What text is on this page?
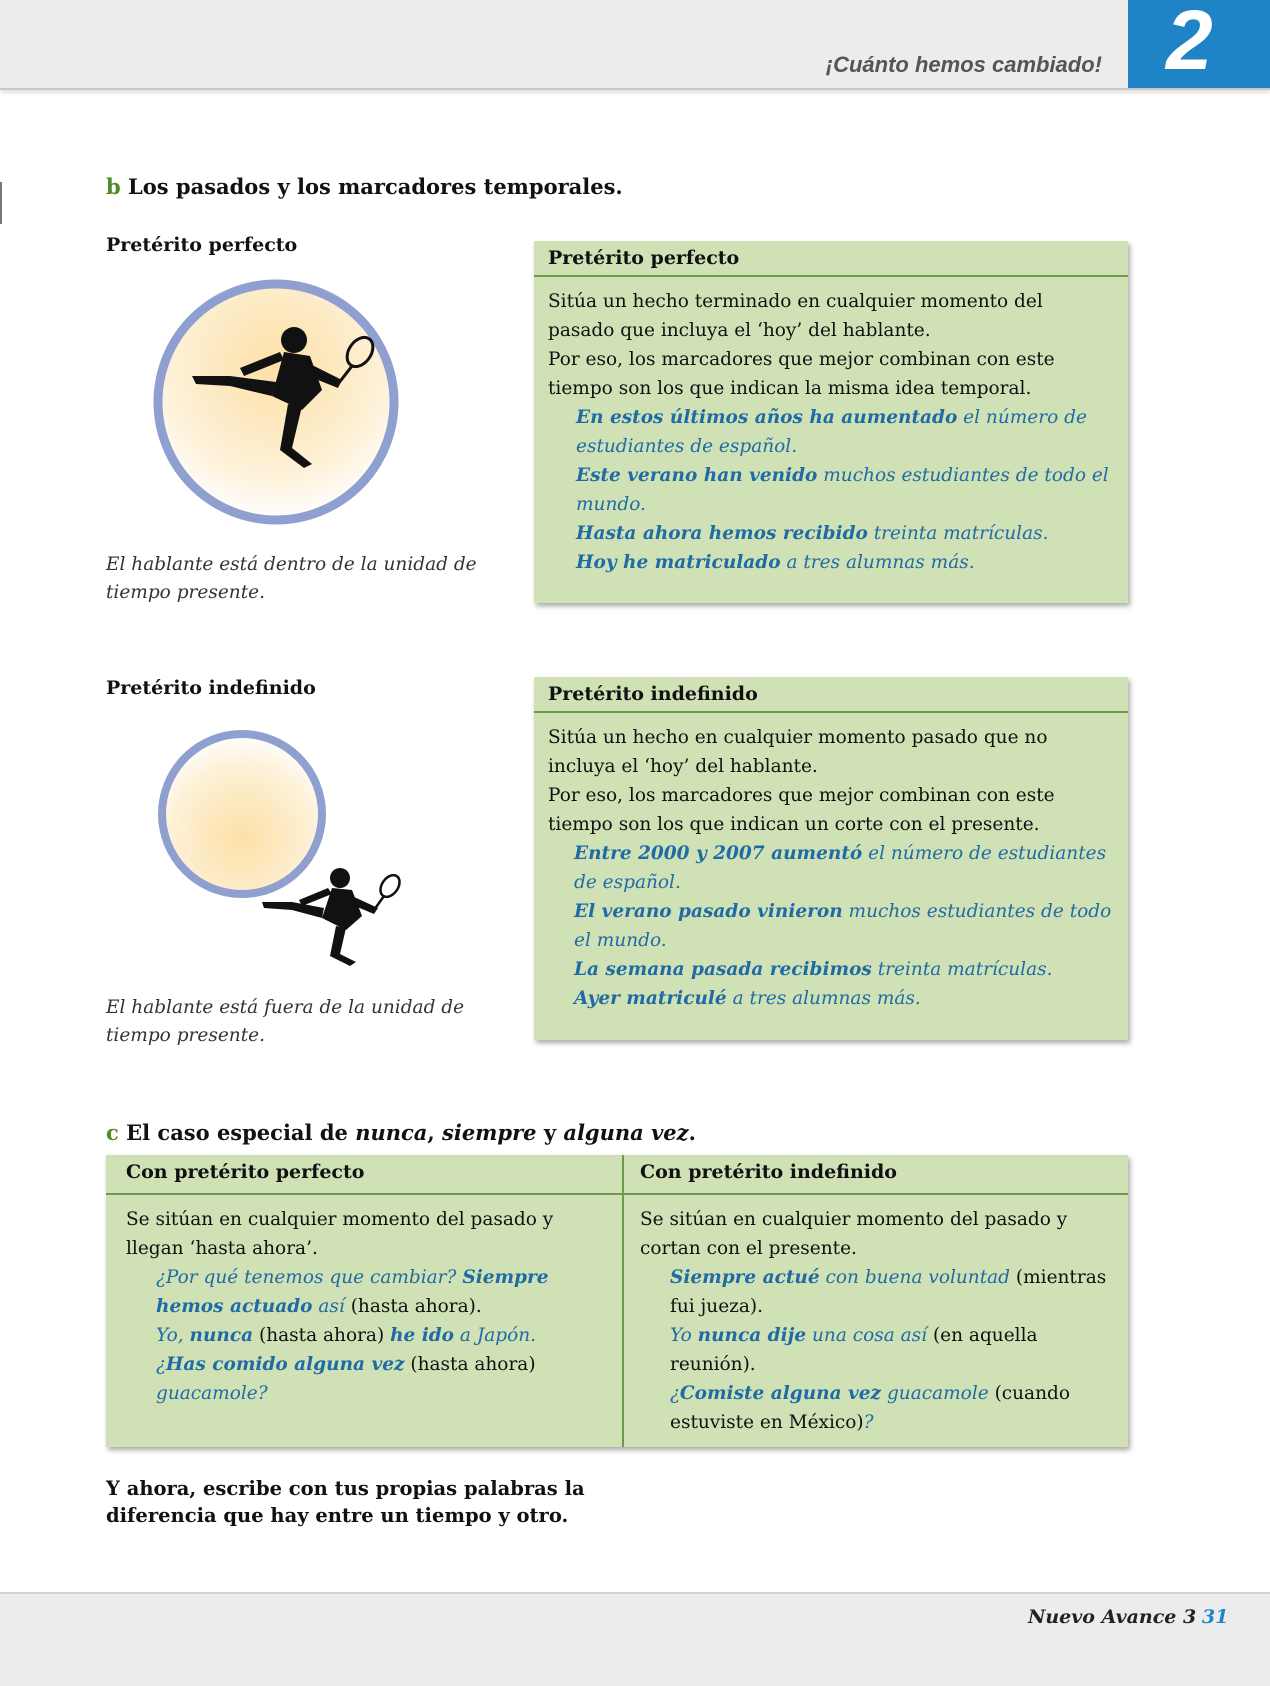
¡Cuánto hemos cambiado! 2
b Los pasados y los marcadores temporales.
Pretérito perfecto

El hablante está dentro de la unidad de tiempo presente.

Pretérito perfecto

Sitúa un hecho terminado en cualquier momento del pasado que incluya el ‘hoy’ del hablante.

Por eso, los marcadores que mejor combinan con este tiempo son los que indican la misma idea temporal.

En estos últimos años ha aumentado el número de estudiantes de español.

Este verano han venido muchos estudiantes de todo el mundo.

Hasta ahora hemos recibido treinta matrículas.

Hoy he matriculado a tres alumnas más.

Pretérito indefinido

El hablante está fuera de la unidad de tiempo presente.

Pretérito indefinido

Sitúa un hecho en cualquier momento pasado que no incluya el ‘hoy’ del hablante.

Por eso, los marcadores que mejor combinan con este tiempo son los que indican un corte con el presente.

Entre 2000 y 2007 aumentó el número de estudiantes de español.

El verano pasado vinieron muchos estudiantes de todo el mundo.

La semana pasada recibimos treinta matrículas.

Ayer matriculé a tres alumnas más.

c El caso especial de nunca, siempre y alguna vez.
Con pretérito perfecto

Se sitúan en cualquier momento del pasado y llegan ‘hasta ahora’.

¿Por qué tenemos que cambiar? Siempre hemos actuado así (hasta ahora).

Yo, nunca (hasta ahora) he ido a Japón.

¿Has comido alguna vez (hasta ahora) guacamole?

Con pretérito indefinido

Se sitúan en cualquier momento del pasado y cortan con el presente.

Siempre actué con buena voluntad (mientras fui jueza).

Yo nunca dije una cosa así (en aquella reunión).

¿Comiste alguna vez guacamole (cuando estuviste en México)?

Y ahora, escribe con tus propias palabras la diferencia que hay entre un tiempo y otro.

Nuevo Avance 3 31
